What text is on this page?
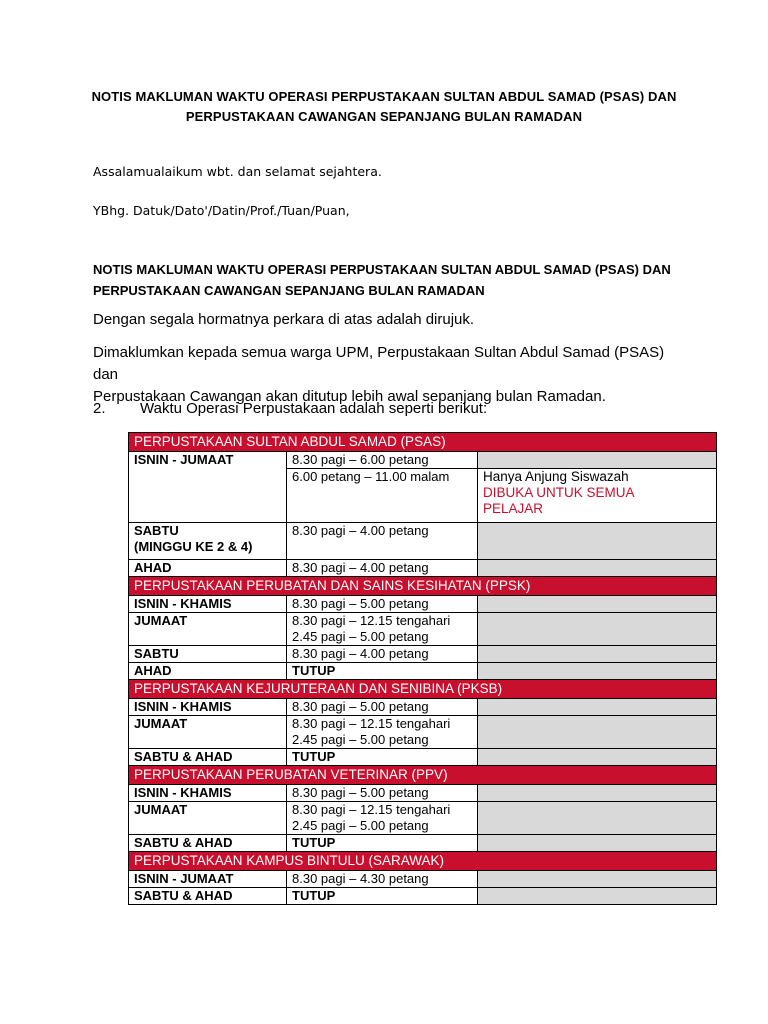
NOTIS MAKLUMAN WAKTU OPERASI PERPUSTAKAAN SULTAN ABDUL SAMAD (PSAS) DAN
PERPUSTAKAAN CAWANGAN SEPANJANG BULAN RAMADAN
Assalamualaikum wbt. dan selamat sejahtera.
YBhg. Datuk/Dato'/Datin/Prof./Tuan/Puan,
NOTIS MAKLUMAN WAKTU OPERASI PERPUSTAKAAN SULTAN ABDUL SAMAD (PSAS) DAN
PERPUSTAKAAN CAWANGAN SEPANJANG BULAN RAMADAN
Dengan segala hormatnya perkara di atas adalah dirujuk.
Dimaklumkan kepada semua warga UPM, Perpustakaan Sultan Abdul Samad (PSAS) dan
Perpustakaan Cawangan akan ditutup lebih awal sepanjang bulan Ramadan.
2. Waktu Operasi Perpustakaan adalah seperti berikut:
PERPUSTAKAAN SULTAN ABDUL SAMAD (PSAS)		
ISNIN - JUMAAT	8.30 pagi – 6.00 petang	
	6.00 petang – 11.00 malam	Hanya Anjung Siswazah
DIBUKA UNTUK SEMUA
PELAJAR

SABTU
(MINGGU KE 2 & 4)	8.30 pagi – 4.00 petang	
AHAD	8.30 pagi – 4.00 petang	
PERPUSTAKAAN PERUBATAN DAN SAINS KESIHATAN (PPSK)		
ISNIN - KHAMIS	8.30 pagi – 5.00 petang	
JUMAAT	8.30 pagi – 12.15 tengahari
2.45 pagi – 5.00 petang	

SABTU	8.30 pagi – 4.00 petang	
AHAD	TUTUP	
PERPUSTAKAAN KEJURUTERAAN DAN SENIBINA (PKSB)		
ISNIN - KHAMIS	8.30 pagi – 5.00 petang	
JUMAAT	8.30 pagi – 12.15 tengahari
2.45 pagi – 5.00 petang	

SABTU & AHAD	TUTUP	
PERPUSTAKAAN PERUBATAN VETERINAR (PPV)		
ISNIN - KHAMIS	8.30 pagi – 5.00 petang	
JUMAAT	8.30 pagi – 12.15 tengahari
2.45 pagi – 5.00 petang	

SABTU & AHAD	TUTUP	
PERPUSTAKAAN KAMPUS BINTULU (SARAWAK)		
ISNIN - JUMAAT	8.30 pagi – 4.30 petang	
SABTU & AHAD	TUTUP	
